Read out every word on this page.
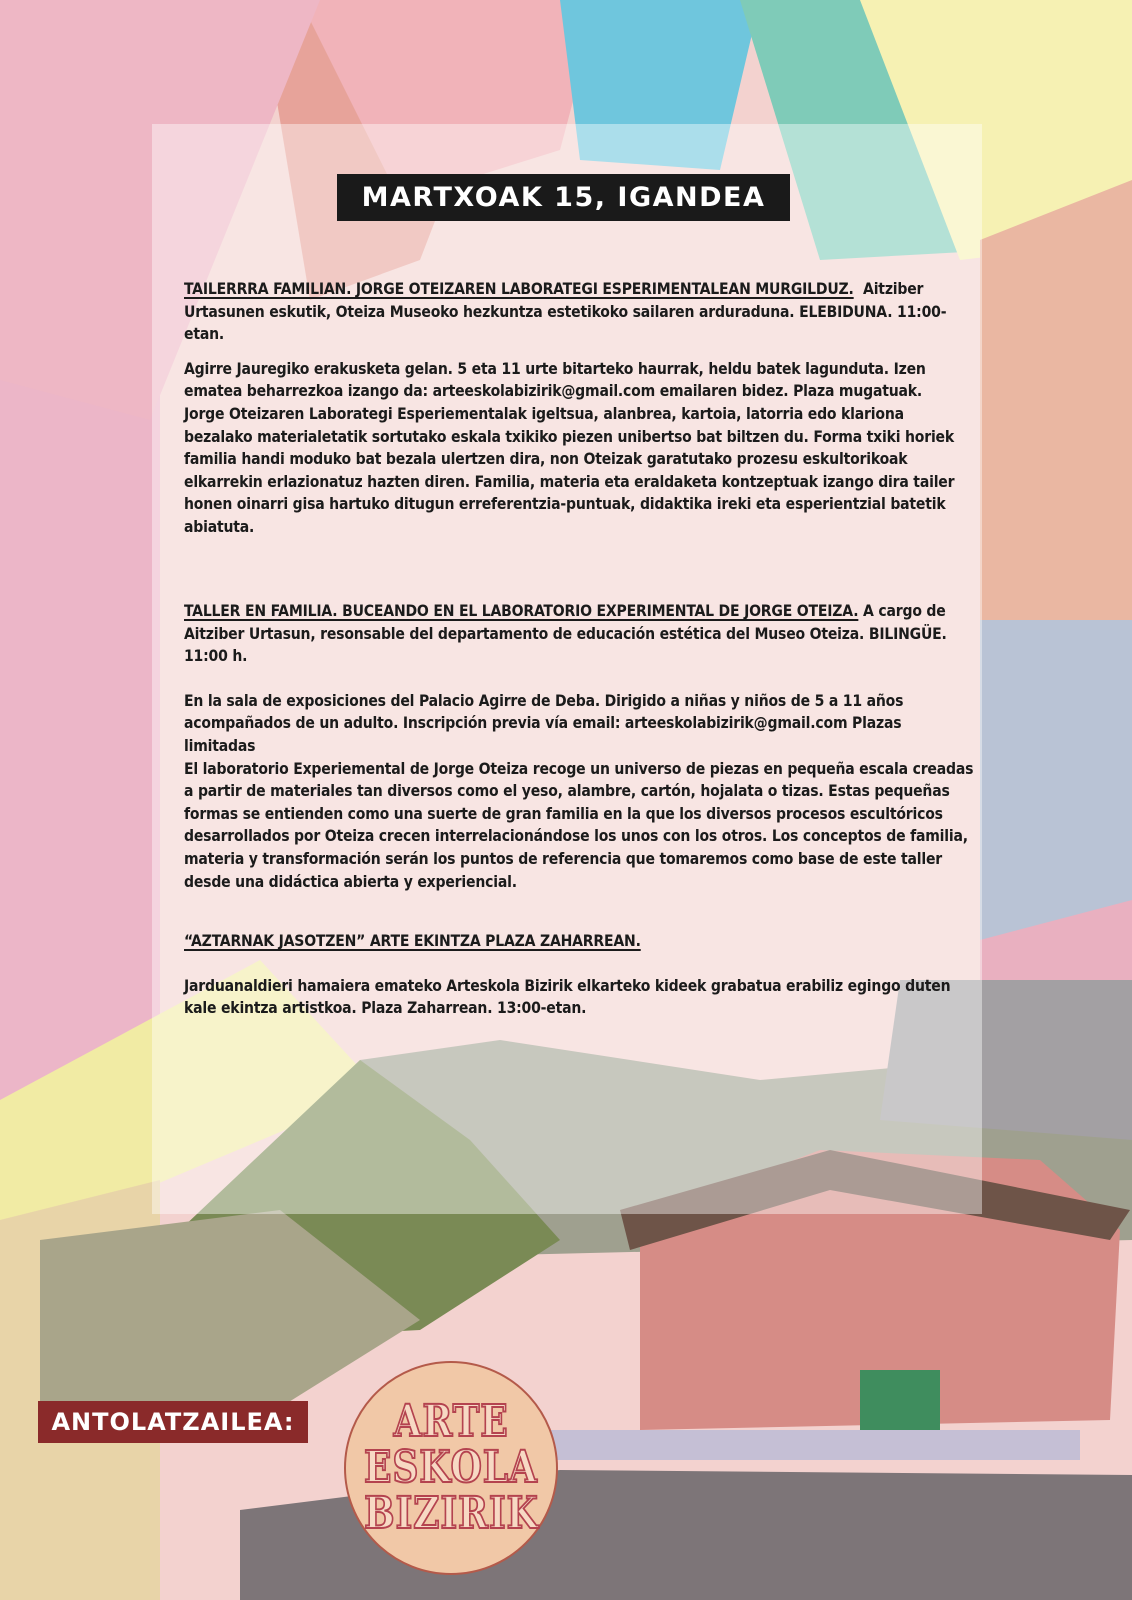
MARTXOAK 15, IGANDEA

TAILERRRA FAMILIAN. JORGE OTEIZAREN LABORATEGI ESPERIMENTALEAN MURGILDUZ. Aitziber Urtasunen eskutik, Oteiza Museoko hezkuntza estetikoko sailaren arduraduna. ELEBIDUNA. 11:00-etan.

Agirre Jauregiko erakusketa gelan. 5 eta 11 urte bitarteko haurrak, heldu batek lagunduta. Izen ematea beharrezkoa izango da: arteeskolabizirik@gmail.com emailaren bidez. Plaza mugatuak.

Jorge Oteizaren Laborategi Esperiementalak igeltsua, alanbrea, kartoia, latorria edo klariona bezalako materialetatik sortutako eskala txikiko piezen unibertso bat biltzen du. Forma txiki horiek familia handi moduko bat bezala ulertzen dira, non Oteizak garatutako prozesu eskultorikoak elkarrekin erlazionatuz hazten diren. Familia, materia eta eraldaketa kontzeptuak izango dira tailer honen oinarri gisa hartuko ditugun erreferentzia-puntuak, didaktika ireki eta esperientzial batetik abiatuta.

TALLER EN FAMILIA. BUCEANDO EN EL LABORATORIO EXPERIMENTAL DE JORGE OTEIZA. A cargo de Aitziber Urtasun, resonsable del departamento de educación estética del Museo Oteiza. BILINGÜE. 11:00 h.

En la sala de exposiciones del Palacio Agirre de Deba. Dirigido a niñas y niños de 5 a 11 años acompañados de un adulto. Inscripción previa vía email: arteeskolabizirik@gmail.com Plazas limitadas

El laboratorio Experiemental de Jorge Oteiza recoge un universo de piezas en pequeña escala creadas a partir de materiales tan diversos como el yeso, alambre, cartón, hojalata o tizas. Estas pequeñas formas se entienden como una suerte de gran familia en la que los diversos procesos escultóricos desarrollados por Oteiza crecen interrelacionándose los unos con los otros. Los conceptos de familia, materia y transformación serán los puntos de referencia que tomaremos como base de este taller desde una didáctica abierta y experiencial.

“AZTARNAK JASOTZEN” ARTE EKINTZA PLAZA ZAHARREAN.

Jarduanaldieri hamaiera emateko Arteskola Bizirik elkarteko kideek grabatua erabiliz egingo duten kale ekintza artistkoa. Plaza Zaharrean. 13:00-etan.

ANTOLATZAILEA:	ARTE
ESKOLA
BIZIRIK
